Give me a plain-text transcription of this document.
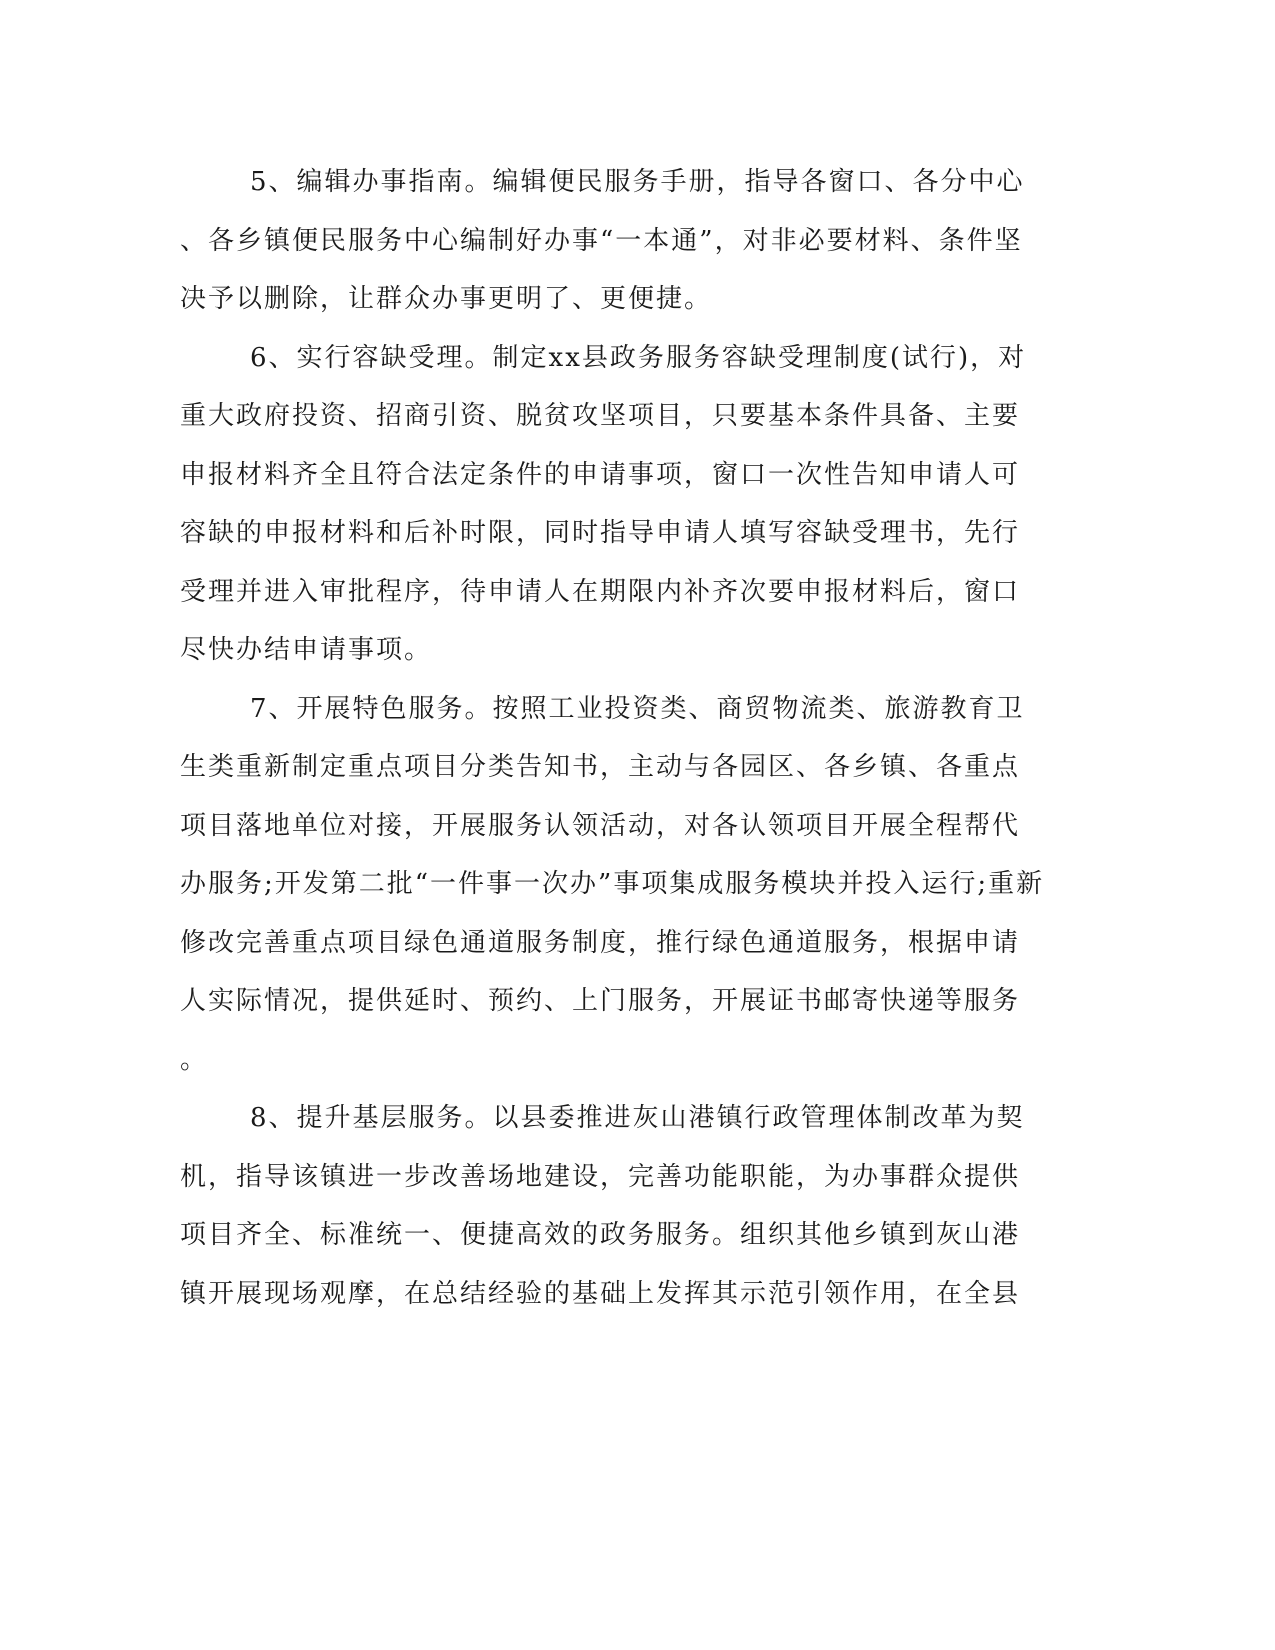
5、编辑办事指南。编辑便民服务手册，指导各窗口、各分中心
、各乡镇便民服务中心编制好办事“一本通”，对非必要材料、条件坚
决予以删除，让群众办事更明了、更便捷。
6、实行容缺受理。制定xx县政务服务容缺受理制度(试行)，对
重大政府投资、招商引资、脱贫攻坚项目，只要基本条件具备、主要
申报材料齐全且符合法定条件的申请事项，窗口一次性告知申请人可
容缺的申报材料和后补时限，同时指导申请人填写容缺受理书，先行
受理并进入审批程序，待申请人在期限内补齐次要申报材料后，窗口
尽快办结申请事项。
7、开展特色服务。按照工业投资类、商贸物流类、旅游教育卫
生类重新制定重点项目分类告知书，主动与各园区、各乡镇、各重点
项目落地单位对接，开展服务认领活动，对各认领项目开展全程帮代
办服务;开发第二批“一件事一次办”事项集成服务模块并投入运行;重新
修改完善重点项目绿色通道服务制度，推行绿色通道服务，根据申请
人实际情况，提供延时、预约、上门服务，开展证书邮寄快递等服务
。
8、提升基层服务。以县委推进灰山港镇行政管理体制改革为契
机，指导该镇进一步改善场地建设，完善功能职能，为办事群众提供
项目齐全、标准统一、便捷高效的政务服务。组织其他乡镇到灰山港
镇开展现场观摩，在总结经验的基础上发挥其示范引领作用，在全县
